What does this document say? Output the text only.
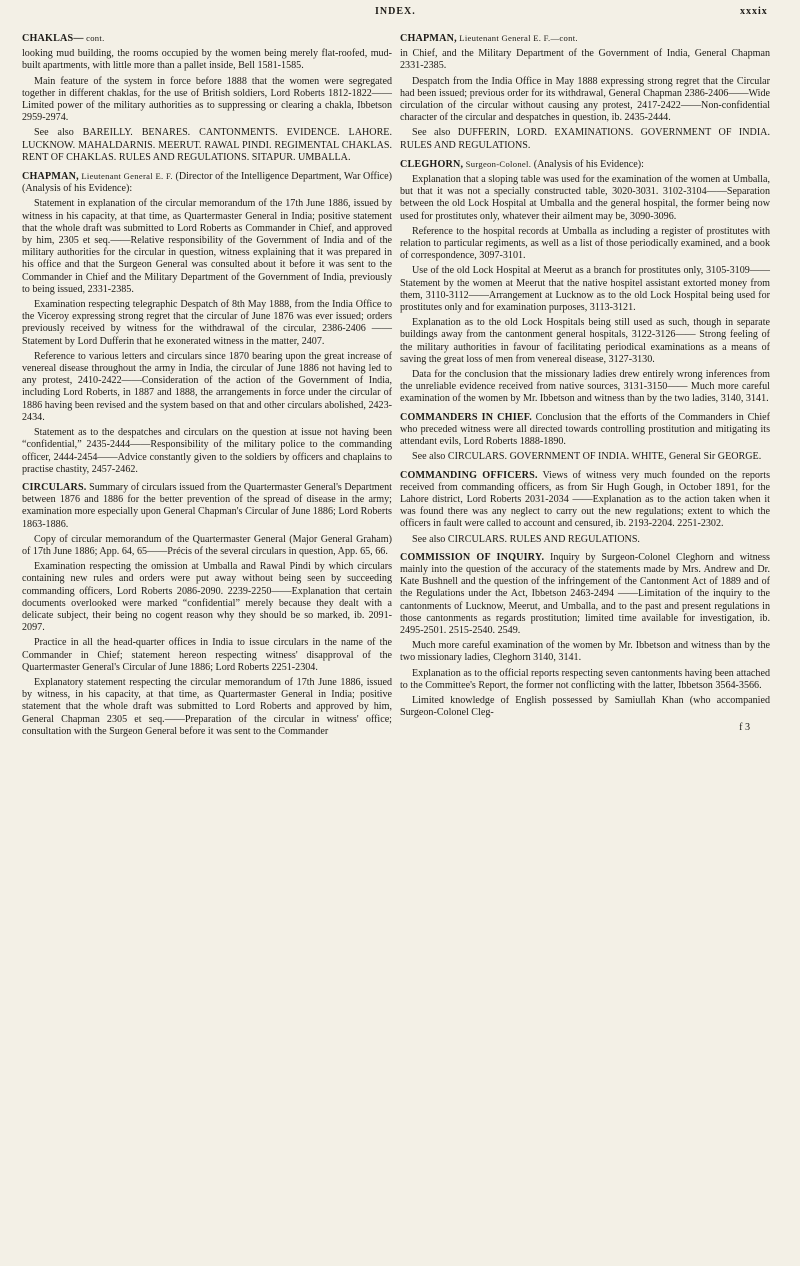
INDEX.	xxxix

CHAKLAS— cont.

looking mud building, the rooms occupied by the women being merely flat-roofed, mud-built apartments, with little more than a pallet inside, Bell 1581-1585.

Main feature of the system in force before 1888 that the women were segregated together in different chaklas, for the use of British soldiers, Lord Roberts 1812-1822——Limited power of the military authorities as to suppressing or clearing a chakla, Ibbetson 2959-2974.

See also BAREILLY. BENARES. CANTONMENTS. EVIDENCE. LAHORE. LUCKNOW. MAHALDARNIS. MEERUT. RAWAL PINDI. REGIMENTAL CHAKLAS. RENT OF CHAKLAS. RULES AND REGULATIONS. SITAPUR. UMBALLA.

CHAPMAN, Lieutenant General E. F. (Director of the Intelligence Department, War Office) (Analysis of his Evidence):

Statement in explanation of the circular memorandum of the 17th June 1886, issued by witness in his capacity, at that time, as Quartermaster General in India; positive statement that the whole draft was submitted to Lord Roberts as Commander in Chief, and approved by him, 2305 et seq.——Relative responsibility of the Government of India and of the military authorities for the circular in question, witness explaining that it was prepared in his office and that the Surgeon General was consulted about it before it was sent to the Commander in Chief and the Military Department of the Government of India, previously to being issued, 2331-2385.

Examination respecting telegraphic Despatch of 8th May 1888, from the India Office to the Viceroy expressing strong regret that the circular of June 1876 was ever issued; orders previously received by witness for the withdrawal of the circular, 2386-2406 ——Statement by Lord Dufferin that he exonerated witness in the matter, 2407.

Reference to various letters and circulars since 1870 bearing upon the great increase of venereal disease throughout the army in India, the circular of June 1886 not having led to any protest, 2410-2422——Consideration of the action of the Government of India, including Lord Roberts, in 1887 and 1888, the arrangements in force under the circular of 1886 having been revised and the system based on that and other circulars abolished, 2423-2434.

Statement as to the despatches and circulars on the question at issue not having been “confidential,” 2435-2444——Responsibility of the military police to the commanding officer, 2444-2454——Advice constantly given to the soldiers by officers and chaplains to practise chastity, 2457-2462.

CIRCULARS. Summary of circulars issued from the Quartermaster General's Department between 1876 and 1886 for the better prevention of the spread of disease in the army; examination more especially upon General Chapman's Circular of June 1886; Lord Roberts 1863-1886.

Copy of circular memorandum of the Quartermaster General (Major General Graham) of 17th June 1886; App. 64, 65——Précis of the several circulars in question, App. 65, 66.

Examination respecting the omission at Umballa and Rawal Pindi by which circulars containing new rules and orders were put away without being seen by succeeding commanding officers, Lord Roberts 2086-2090. 2239-2250——Explanation that certain documents overlooked were marked “confidential” merely because they dealt with a delicate subject, their being no cogent reason why they should be so marked, ib. 2091-2097.

Practice in all the head-quarter offices in India to issue circulars in the name of the Commander in Chief; statement hereon respecting witness' disapproval of the Quartermaster General's Circular of June 1886; Lord Roberts 2251-2304.

Explanatory statement respecting the circular memorandum of 17th June 1886, issued by witness, in his capacity, at that time, as Quartermaster General in India; positive statement that the whole draft was submitted to Lord Roberts and approved by him, General Chapman 2305 et seq.——Preparation of the circular in witness' office; consultation with the Surgeon General before it was sent to the Commander

CHAPMAN, Lieutenant General E. F.—cont.

in Chief, and the Military Department of the Government of India, General Chapman 2331-2385.

Despatch from the India Office in May 1888 expressing strong regret that the Circular had been issued; previous order for its withdrawal, General Chapman 2386-2406——Wide circulation of the circular without causing any protest, 2417-2422——Non-confidential character of the circular and despatches in question, ib. 2435-2444.

See also DUFFERIN, LORD. EXAMINATIONS. GOVERNMENT OF INDIA. RULES AND REGULATIONS.

CLEGHORN, Surgeon-Colonel. (Analysis of his Evidence):

Explanation that a sloping table was used for the examination of the women at Umballa, but that it was not a specially constructed table, 3020-3031. 3102-3104——Separation between the old Lock Hospital at Umballa and the general hospital, the former being now used for prostitutes only, whatever their ailment may be, 3090-3096.

Reference to the hospital records at Umballa as including a register of prostitutes with relation to particular regiments, as well as a list of those periodically examined, and a book of correspondence, 3097-3101.

Use of the old Lock Hospital at Meerut as a branch for prostitutes only, 3105-3109——Statement by the women at Meerut that the native hospitel assistant extorted money from them, 3110-3112——Arrangement at Lucknow as to the old Lock Hospital being used for prostitutes only and for examination purposes, 3113-3121.

Explanation as to the old Lock Hospitals being still used as such, though in separate buildings away from the cantonment general hospitals, 3122-3126—— Strong feeling of the military authorities in favour of facilitating periodical examinations as a means of saving the great loss of men from venereal disease, 3127-3130.

Data for the conclusion that the missionary ladies drew entirely wrong inferences from the unreliable evidence received from native sources, 3131-3150—— Much more careful examination of the women by Mr. Ibbetson and witness than by the two ladies, 3140, 3141.

COMMANDERS IN CHIEF. Conclusion that the efforts of the Commanders in Chief who preceded witness were all directed towards controlling prostitution and mitigating its attendant evils, Lord Roberts 1888-1890.

See also CIRCULARS. GOVERNMENT OF INDIA. WHITE, General Sir GEORGE.

COMMANDING OFFICERS. Views of witness very much founded on the reports received from commanding officers, as from Sir Hugh Gough, in October 1891, for the Lahore district, Lord Roberts 2031-2034 ——Explanation as to the action taken when it was found there was any neglect to carry out the new regulations; extent to which the officers in fault were called to account and censured, ib. 2193-2204. 2251-2302.

See also CIRCULARS. RULES AND REGULATIONS.

COMMISSION OF INQUIRY. Inquiry by Surgeon-Colonel Cleghorn and witness mainly into the question of the accuracy of the statements made by Mrs. Andrew and Dr. Kate Bushnell and the question of the infringement of the Cantonment Act of 1889 and of the Regulations under the Act, Ibbetson 2463-2494 ——Limitation of the inquiry to the cantonments of Lucknow, Meerut, and Umballa, and to the past and present regulations in those cantonments as regards prostitution; limited time available for investigation, ib. 2495-2501. 2515-2540. 2549.

Much more careful examination of the women by Mr. Ibbetson and witness than by the two missionary ladies, Cleghorn 3140, 3141.

Explanation as to the official reports respecting seven cantonments having been attached to the Committee's Report, the former not conflicting with the latter, Ibbetson 3564-3566.

Limited knowledge of English possessed by Samiullah Khan (who accompanied Surgeon-Colonel Cleg-

f 3
